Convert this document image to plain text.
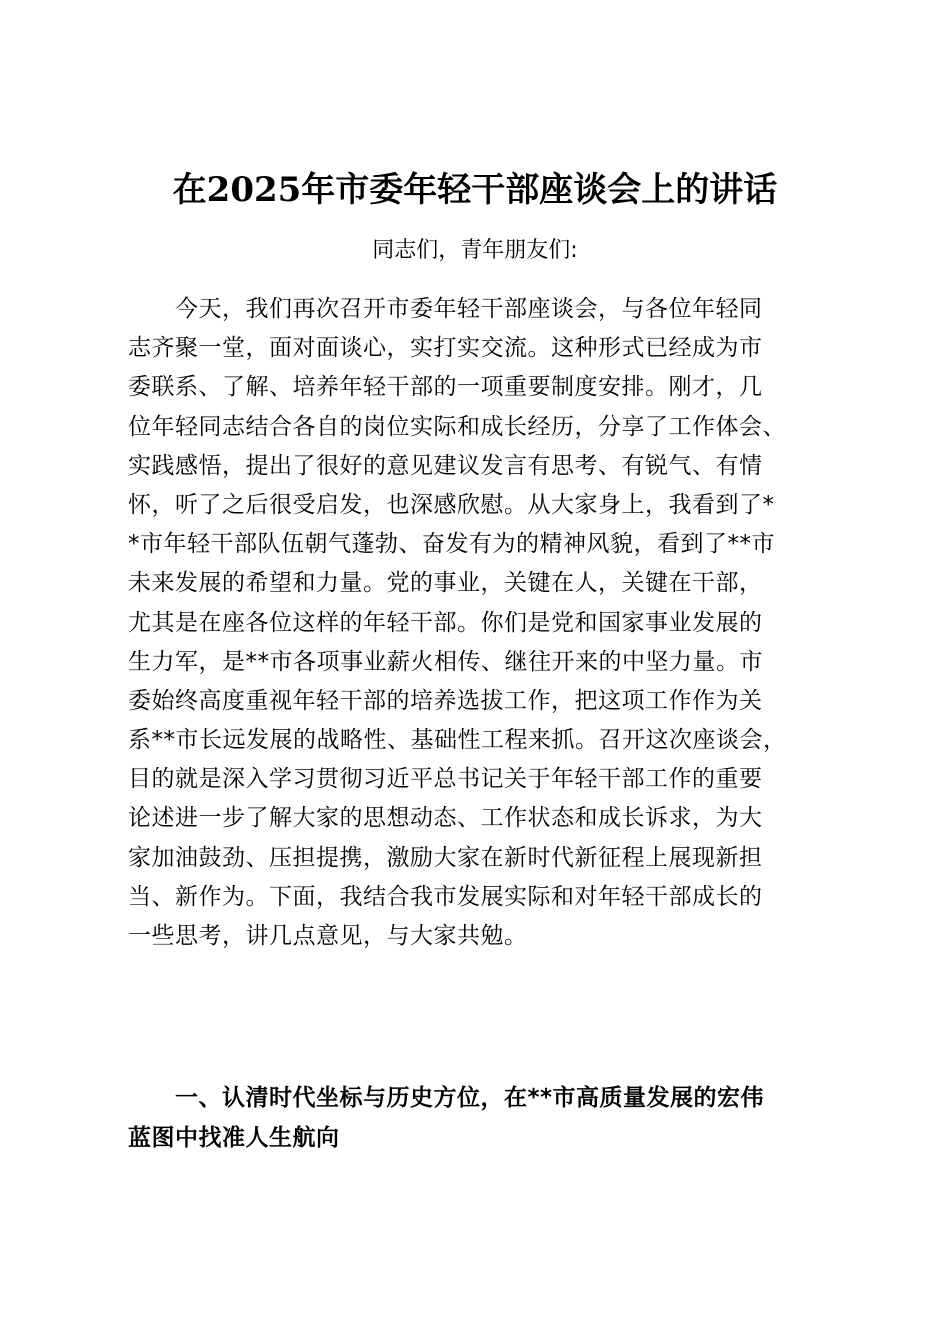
在2025年市委年轻干部座谈会上的讲话

同志们，青年朋友们:

　　今天，我们再次召开市委年轻干部座谈会，与各位年轻同
志齐聚一堂，面对面谈心，实打实交流。这种形式已经成为市
委联系、了解、培养年轻干部的一项重要制度安排。刚才，几
位年轻同志结合各自的岗位实际和成长经历，分享了工作体会、
实践感悟，提出了很好的意见建议发言有思考、有锐气、有情
怀，听了之后很受启发，也深感欣慰。从大家身上，我看到了*
*市年轻干部队伍朝气蓬勃、奋发有为的精神风貌，看到了**市
未来发展的希望和力量。党的事业，关键在人，关键在干部，
尤其是在座各位这样的年轻干部。你们是党和国家事业发展的
生力军，是**市各项事业薪火相传、继往开来的中坚力量。市
委始终高度重视年轻干部的培养选拔工作，把这项工作作为关
系**市长远发展的战略性、基础性工程来抓。召开这次座谈会，
目的就是深入学习贯彻习近平总书记关于年轻干部工作的重要
论述进一步了解大家的思想动态、工作状态和成长诉求，为大
家加油鼓劲、压担提携，激励大家在新时代新征程上展现新担
当、新作为。下面，我结合我市发展实际和对年轻干部成长的
一些思考，讲几点意见，与大家共勉。
　　一、认清时代坐标与历史方位，在**市高质量发展的宏伟
蓝图中找准人生航向
